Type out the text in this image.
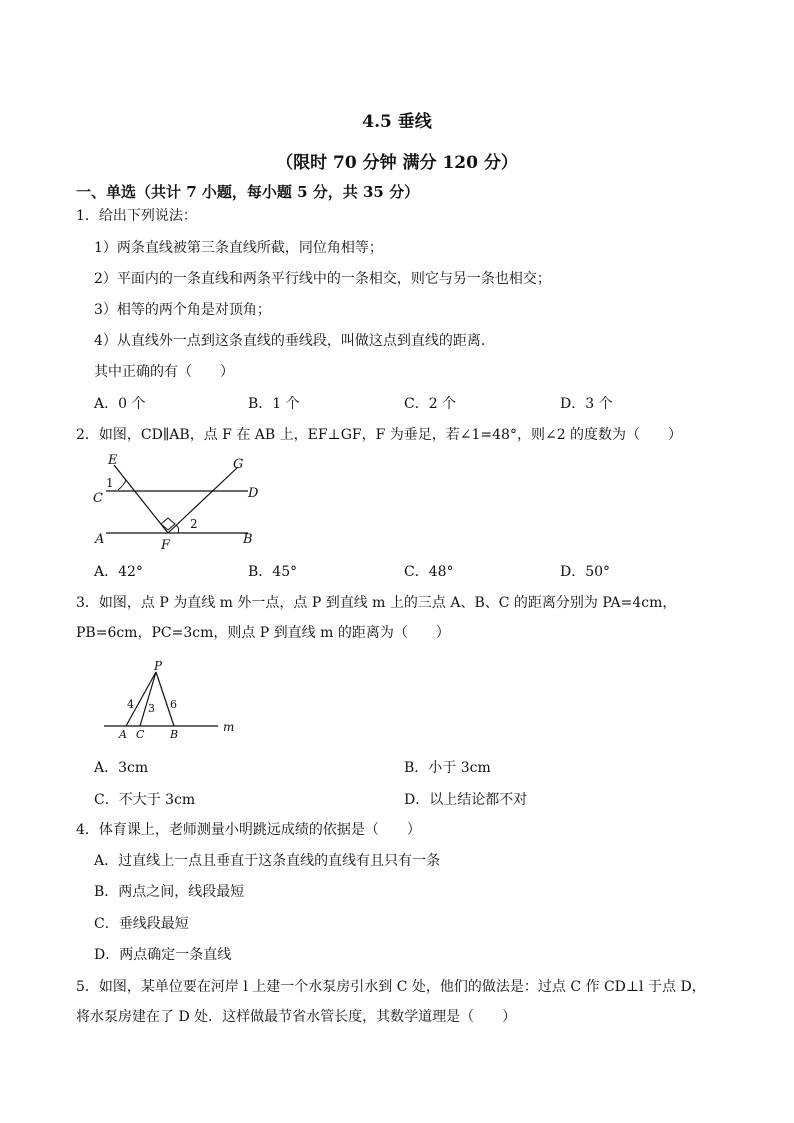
4.5 垂线
（限时 70 分钟 满分 120 分）
一、单选（共计 7 小题，每小题 5 分，共 35 分）
1．给出下列说法：
1）两条直线被第三条直线所截，同位角相等；
2）平面内的一条直线和两条平行线中的一条相交，则它与另一条也相交；
3）相等的两个角是对顶角；
4）从直线外一点到这条直线的垂线段，叫做这点到直线的距离．
其中正确的有（　　）
A．0 个	B．1 个	C．2 个	D．3 个
2．如图，CD∥AB，点 F 在 AB 上，EF⊥GF，F 为垂足，若∠1=48°，则∠2 的度数为（　　）
E	G
C	D
A	B
F
1
2
A．42°	B．45°	C．48°	D．50°
3．如图，点 P 为直线 m 外一点，点 P 到直线 m 上的三点 A、B、C 的距离分别为 PA=4cm，
PB=6cm，PC=3cm，则点 P 到直线 m 的距离为（　　）
P
A C B
m
4 3 6
A．3cm	B．小于 3cm
C．不大于 3cm	D．以上结论都不对
4．体育课上，老师测量小明跳远成绩的依据是（　　）
A．过直线上一点且垂直于这条直线的直线有且只有一条
B．两点之间，线段最短
C．垂线段最短
D．两点确定一条直线
5．如图，某单位要在河岸 l 上建一个水泵房引水到 C 处，他们的做法是：过点 C 作 CD⊥l 于点 D，
将水泵房建在了 D 处．这样做最节省水管长度，其数学道理是（　　）
